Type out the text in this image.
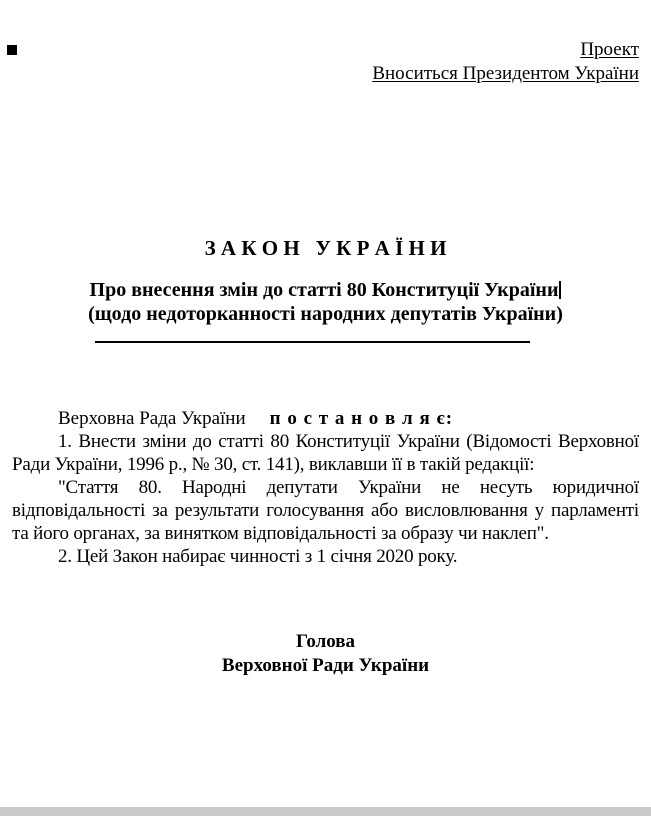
Проект
Вноситься Президентом України
З А К О Н   У К Р А Ї Н И
Про внесення змін до статті 80 Конституції України
(щодо недоторканності народних депутатів України)

Верховна Рада України п о с т а н о в л я є:

1. Внести зміни до статті 80 Конституції України (Відомості Верховної Ради України, 1996 р., № 30, ст. 141), виклавши її в такій редакції:

"Стаття 80. Народні депутати України не несуть юридичної відповідальності за результати голосування або висловлювання у парламенті та його органах, за винятком відповідальності за образу чи наклеп".

2. Цей Закон набирає чинності з 1 січня 2020 року.

Голова
Верховної Ради України
